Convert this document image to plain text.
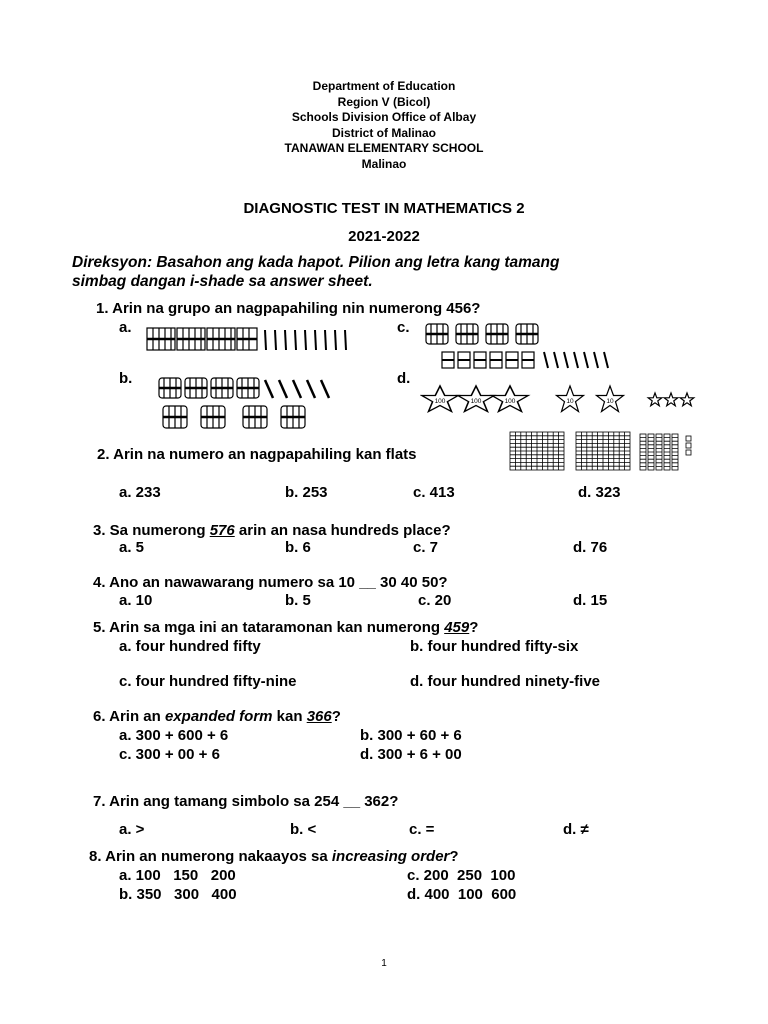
Department of Education
Region V (Bicol)
Schools Division Office of Albay
District of Malinao
TANAWAN ELEMENTARY SCHOOL
Malinao
DIAGNOSTIC TEST IN MATHEMATICS 2
2021-2022
Direksyon: Basahon ang kada hapot. Pilion ang letra kang tamang
simbag dangan i-shade sa answer sheet.
1. Arin na grupo an nagpapahiling nin numerong 456?
a.	c.
b.	d.
100	100	100	10	10
2. Arin na numero an nagpapahiling kan flats
a. 233	b. 253	c. 413	d. 323
3. Sa numerong 576 arin an nasa hundreds place?
a. 5	b. 6	c. 7	d. 76
4. Ano an nawawarang numero sa 10 __ 30 40 50?
a. 10	b. 5	c. 20	d. 15
5. Arin sa mga ini an tataramonan kan numerong 459?
a. four hundred fifty	b. four hundred fifty-six
c. four hundred fifty-nine	d. four hundred ninety-five
6. Arin an expanded form kan 366?
a. 300 + 600 + 6	b. 300 + 60 + 6
c. 300 + 00 + 6	d. 300 + 6 + 00
7. Arin ang tamang simbolo sa 254 __ 362?
a. >	b. <	c. =	d. ≠
8. Arin an numerong nakaayos sa increasing order?
a. 100   150   200	c. 200  250  100
b. 350   300   400	d. 400  100  600
1
